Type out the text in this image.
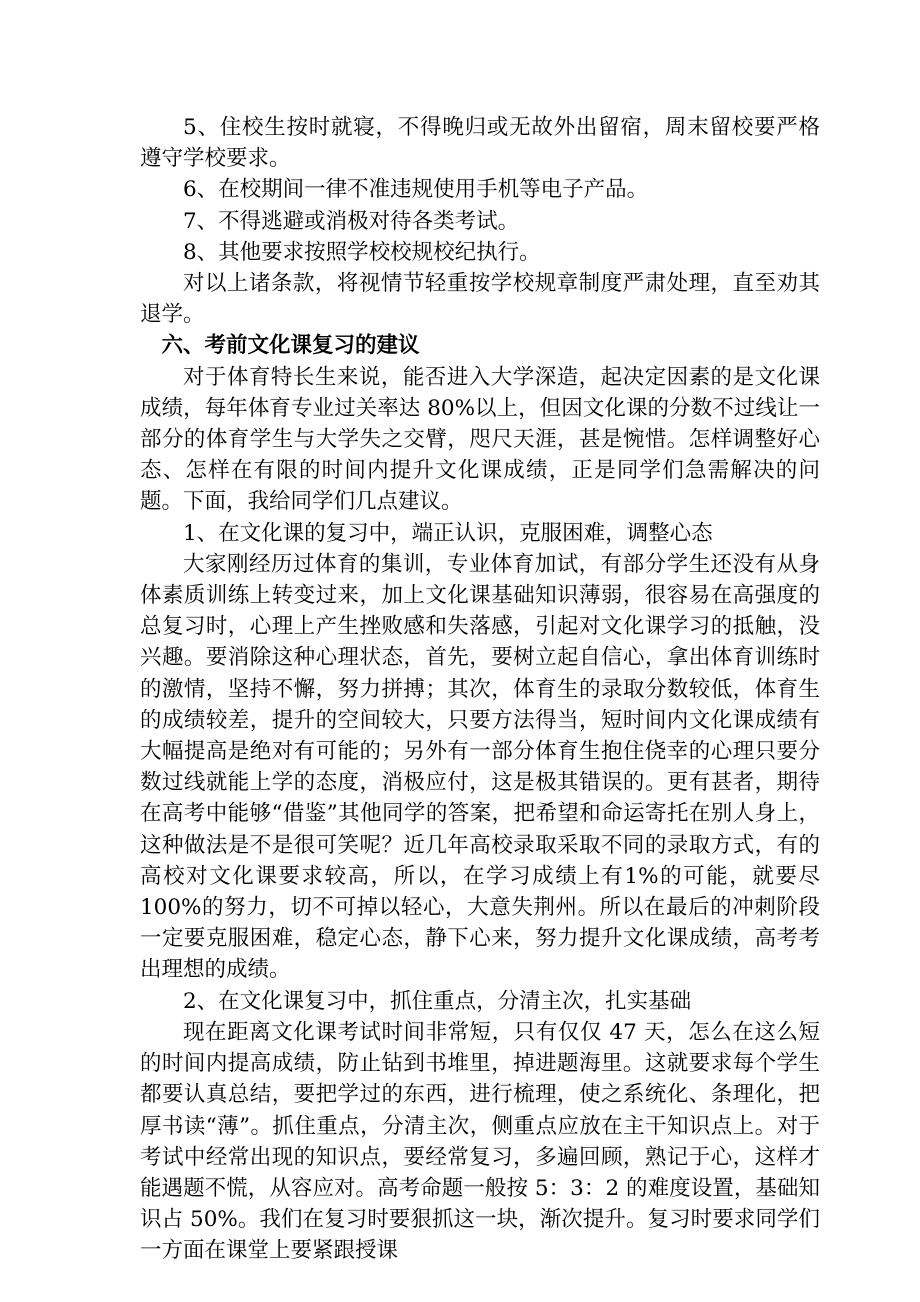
5、住校生按时就寝，不得晚归或无故外出留宿，周末留校要严格遵守学校要求。

6、在校期间一律不准违规使用手机等电子产品。

7、不得逃避或消极对待各类考试。

8、其他要求按照学校校规校纪执行。

对以上诸条款，将视情节轻重按学校规章制度严肃处理，直至劝其退学。

六、考前文化课复习的建议

对于体育特长生来说，能否进入大学深造，起决定因素的是文化课成绩，每年体育专业过关率达 80%以上，但因文化课的分数不过线让一部分的体育学生与大学失之交臂，咫尺天涯，甚是惋惜。怎样调整好心态、怎样在有限的时间内提升文化课成绩，正是同学们急需解决的问题。下面，我给同学们几点建议。

1、在文化课的复习中，端正认识，克服困难，调整心态

大家刚经历过体育的集训，专业体育加试，有部分学生还没有从身体素质训练上转变过来，加上文化课基础知识薄弱，很容易在高强度的总复习时，心理上产生挫败感和失落感，引起对文化课学习的抵触，没兴趣。要消除这种心理状态，首先，要树立起自信心，拿出体育训练时的激情，坚持不懈，努力拼搏；其次，体育生的录取分数较低，体育生的成绩较差，提升的空间较大，只要方法得当，短时间内文化课成绩有大幅提高是绝对有可能的；另外有一部分体育生抱住侥幸的心理只要分数过线就能上学的态度，消极应付，这是极其错误的。更有甚者，期待在高考中能够“借鉴”其他同学的答案，把希望和命运寄托在别人身上，这种做法是不是很可笑呢？近几年高校录取采取不同的录取方式，有的高校对文化课要求较高，所以，在学习成绩上有1%的可能，就要尽 100%的努力，切不可掉以轻心，大意失荆州。所以在最后的冲刺阶段一定要克服困难，稳定心态，静下心来，努力提升文化课成绩，高考考出理想的成绩。

2、在文化课复习中，抓住重点，分清主次，扎实基础

现在距离文化课考试时间非常短，只有仅仅 47 天，怎么在这么短的时间内提高成绩，防止钻到书堆里，掉进题海里。这就要求每个学生都要认真总结，要把学过的东西，进行梳理，使之系统化、条理化，把厚书读“薄”。抓住重点，分清主次，侧重点应放在主干知识点上。对于考试中经常出现的知识点，要经常复习，多遍回顾，熟记于心，这样才能遇题不慌，从容应对。高考命题一般按 5：3：2 的难度设置，基础知识占 50%。我们在复习时要狠抓这一块，渐次提升。复习时要求同学们一方面在课堂上要紧跟授课
